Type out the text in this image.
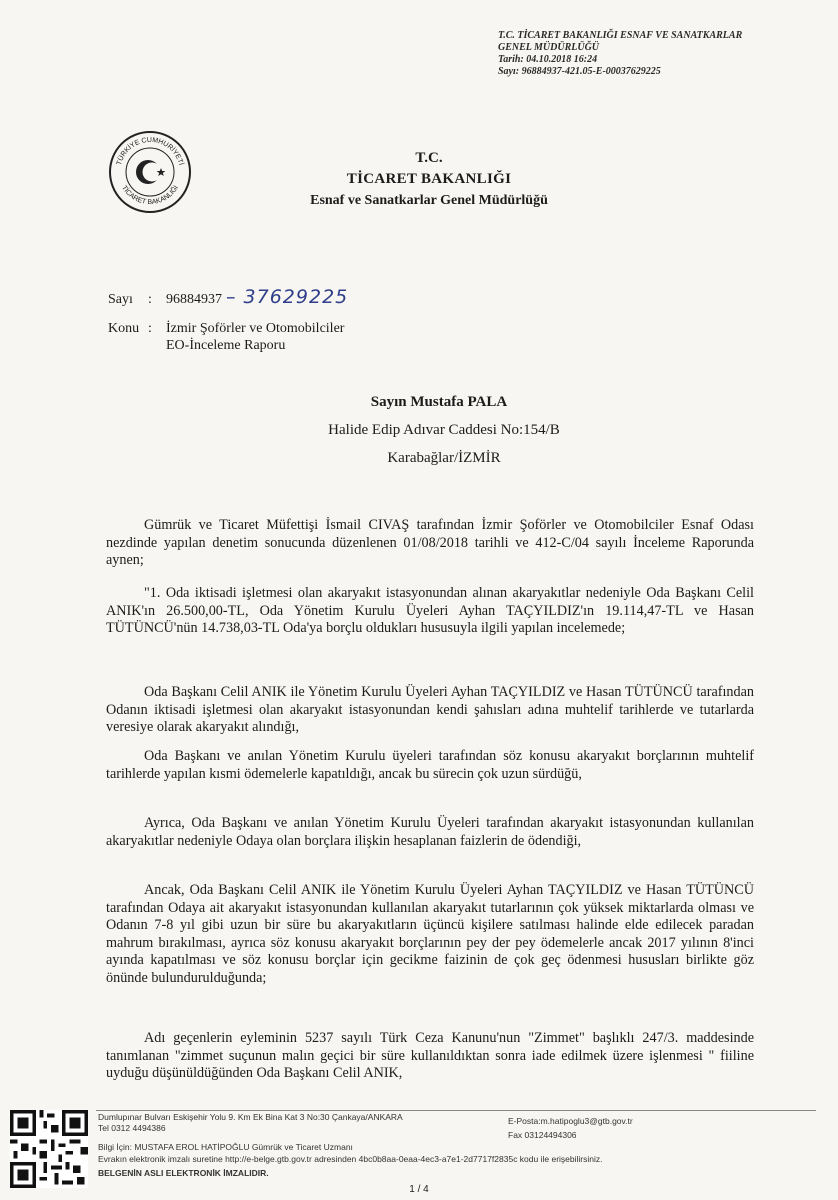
T.C. TİCARET BAKANLIĞI ESNAF VE SANATKARLAR
GENEL MÜDÜRLÜĞÜ
Tarih: 04.10.2018 16:24
Sayı: 96884937-421.05-E-00037629225
TÜRKİYE CUMHURİYETİ
TİCARET BAKANLIĞI
T.C.
TİCARET BAKANLIĞI
Esnaf ve Sanatkarlar Genel Müdürlüğü
Sayı : 96884937 – 37629225
Konu : İzmir Şoförler ve Otomobilciler
EO-İnceleme Raporu
Sayın Mustafa PALA
Halide Edip Adıvar Caddesi No:154/B
Karabağlar/İZMİR

Gümrük ve Ticaret Müfettişi İsmail CIVAŞ tarafından İzmir Şoförler ve Otomobilciler Esnaf Odası nezdinde yapılan denetim sonucunda düzenlenen 01/08/2018 tarihli ve 412-C/04 sayılı İnceleme Raporunda aynen;

"1. Oda iktisadi işletmesi olan akaryakıt istasyonundan alınan akaryakıtlar nedeniyle Oda Başkanı Celil ANIK'ın 26.500,00-TL, Oda Yönetim Kurulu Üyeleri Ayhan TAÇYILDIZ'ın 19.114,47-TL ve Hasan TÜTÜNCÜ'nün 14.738,03-TL Oda'ya borçlu oldukları hususuyla ilgili yapılan incelemede;

Oda Başkanı Celil ANIK ile Yönetim Kurulu Üyeleri Ayhan TAÇYILDIZ ve Hasan TÜTÜNCÜ tarafından Odanın iktisadi işletmesi olan akaryakıt istasyonundan kendi şahısları adına muhtelif tarihlerde ve tutarlarda veresiye olarak akaryakıt alındığı,

Oda Başkanı ve anılan Yönetim Kurulu üyeleri tarafından söz konusu akaryakıt borçlarının muhtelif tarihlerde yapılan kısmi ödemelerle kapatıldığı, ancak bu sürecin çok uzun sürdüğü,

Ayrıca, Oda Başkanı ve anılan Yönetim Kurulu Üyeleri tarafından akaryakıt istasyonundan kullanılan akaryakıtlar nedeniyle Odaya olan borçlara ilişkin hesaplanan faizlerin de ödendiği,

Ancak, Oda Başkanı Celil ANIK ile Yönetim Kurulu Üyeleri Ayhan TAÇYILDIZ ve Hasan TÜTÜNCÜ tarafından Odaya ait akaryakıt istasyonundan kullanılan akaryakıt tutarlarının çok yüksek miktarlarda olması ve Odanın 7-8 yıl gibi uzun bir süre bu akaryakıtların üçüncü kişilere satılması halinde elde edilecek paradan mahrum bırakılması, ayrıca söz konusu akaryakıt borçlarının pey der pey ödemelerle ancak 2017 yılının 8'inci ayında kapatılması ve söz konusu borçlar için gecikme faizinin de çok geç ödenmesi hususları birlikte göz önünde bulundurulduğunda;

Adı geçenlerin eyleminin 5237 sayılı Türk Ceza Kanunu'nun "Zimmet" başlıklı 247/3. maddesinde tanımlanan "zimmet suçunun malın geçici bir süre kullanıldıktan sonra iade edilmek üzere işlenmesi " fiiline uyduğu düşünüldüğünden Oda Başkanı Celil ANIK,

Dumlupınar Bulvarı Eskişehir Yolu 9. Km Ek Bina Kat 3 No:30 Çankaya/ANKARA	E-Posta:m.hatipoglu3@gtb.gov.tr
Tel 0312 4494386
Fax 03124494306
Bilgi İçin: MUSTAFA EROL HATİPOĞLU Gümrük ve Ticaret Uzmanı
Evrakın elektronik imzalı suretine http://e-belge.gtb.gov.tr adresinden 4bc0b8aa-0eaa-4ec3-a7e1-2d7717f2835c kodu ile erişebilirsiniz.
BELGENİN ASLI ELEKTRONİK İMZALIDIR.
1 / 4
